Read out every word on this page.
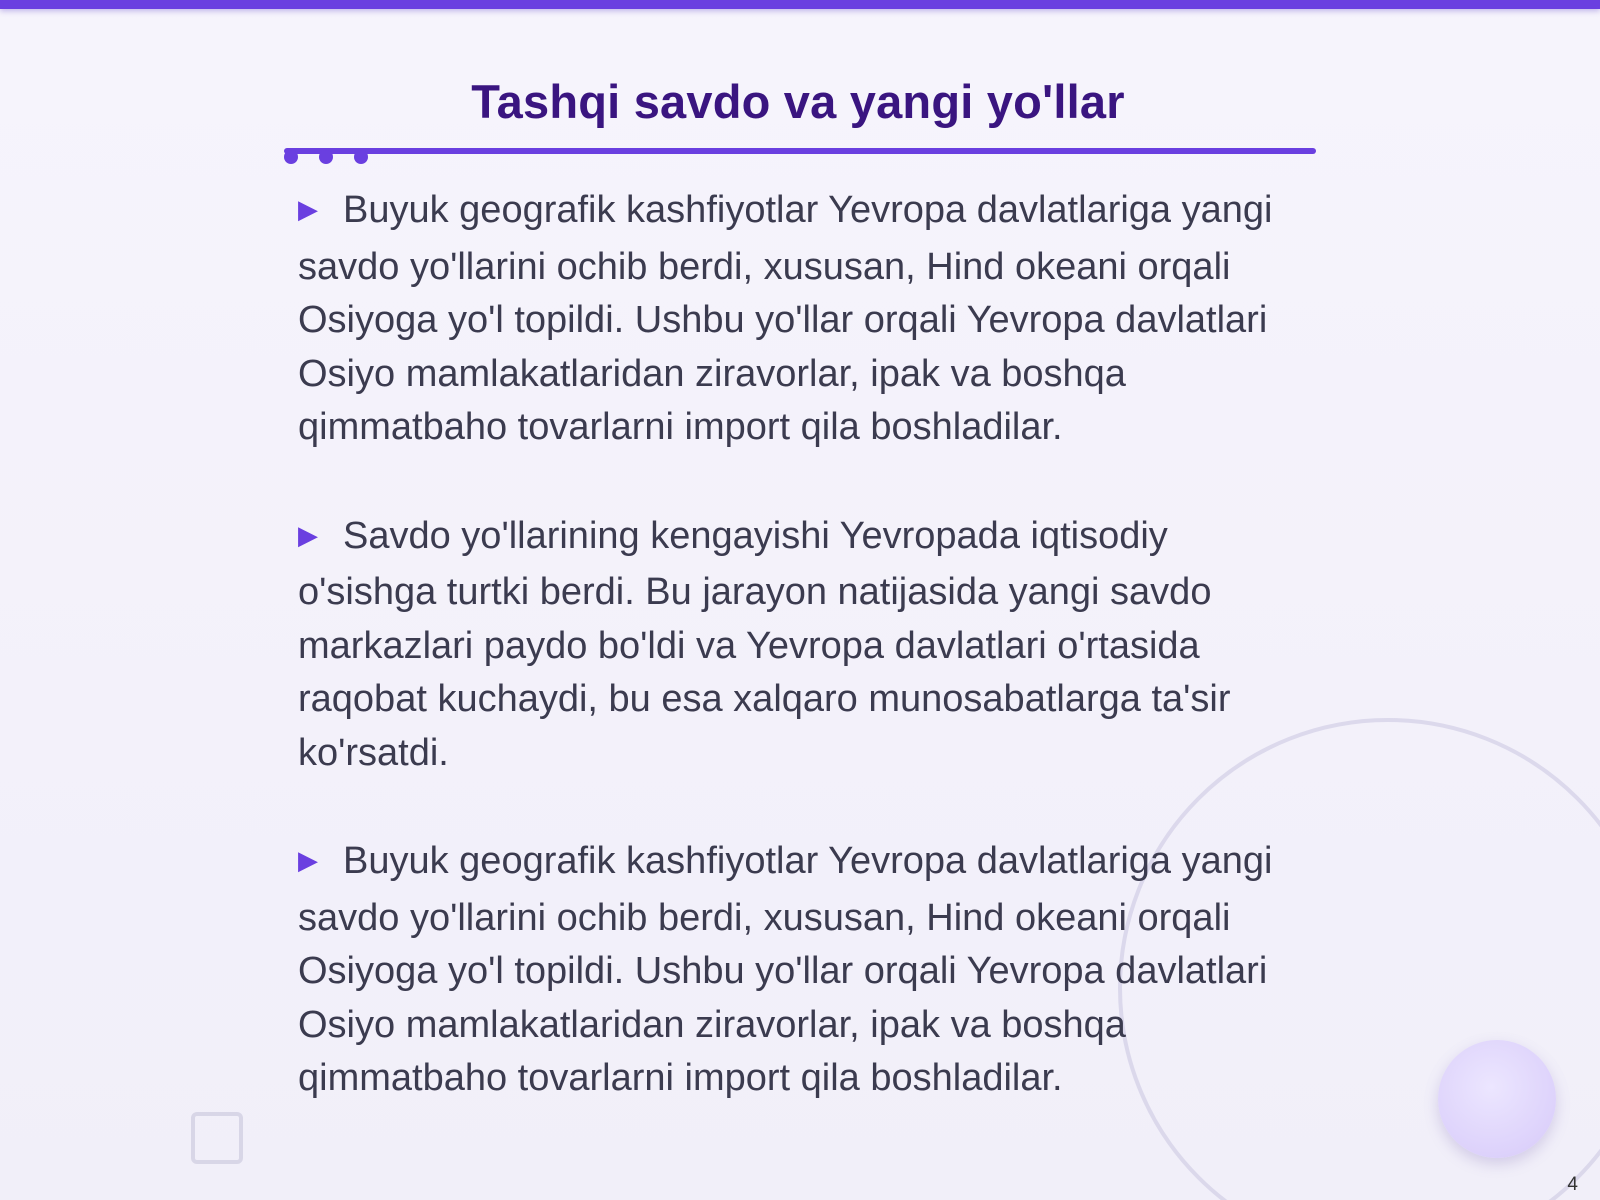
Tashqi savdo va yangi yo'llar

▶ Buyuk geografik kashfiyotlar Yevropa davlatlariga yangi savdo yo'llarini ochib berdi, xususan, Hind okeani orqali Osiyoga yo'l topildi. Ushbu yo'llar orqali Yevropa davlatlari Osiyo mamlakatlaridan ziravorlar, ipak va boshqa qimmatbaho tovarlarni import qila boshladilar.

▶ Savdo yo'llarining kengayishi Yevropada iqtisodiy o'sishga turtki berdi. Bu jarayon natijasida yangi savdo markazlari paydo bo'ldi va Yevropa davlatlari o'rtasida raqobat kuchaydi, bu esa xalqaro munosabatlarga ta'sir ko'rsatdi.

▶ Buyuk geografik kashfiyotlar Yevropa davlatlariga yangi savdo yo'llarini ochib berdi, xususan, Hind okeani orqali Osiyoga yo'l topildi. Ushbu yo'llar orqali Yevropa davlatlari Osiyo mamlakatlaridan ziravorlar, ipak va boshqa qimmatbaho tovarlarni import qila boshladilar.

4
